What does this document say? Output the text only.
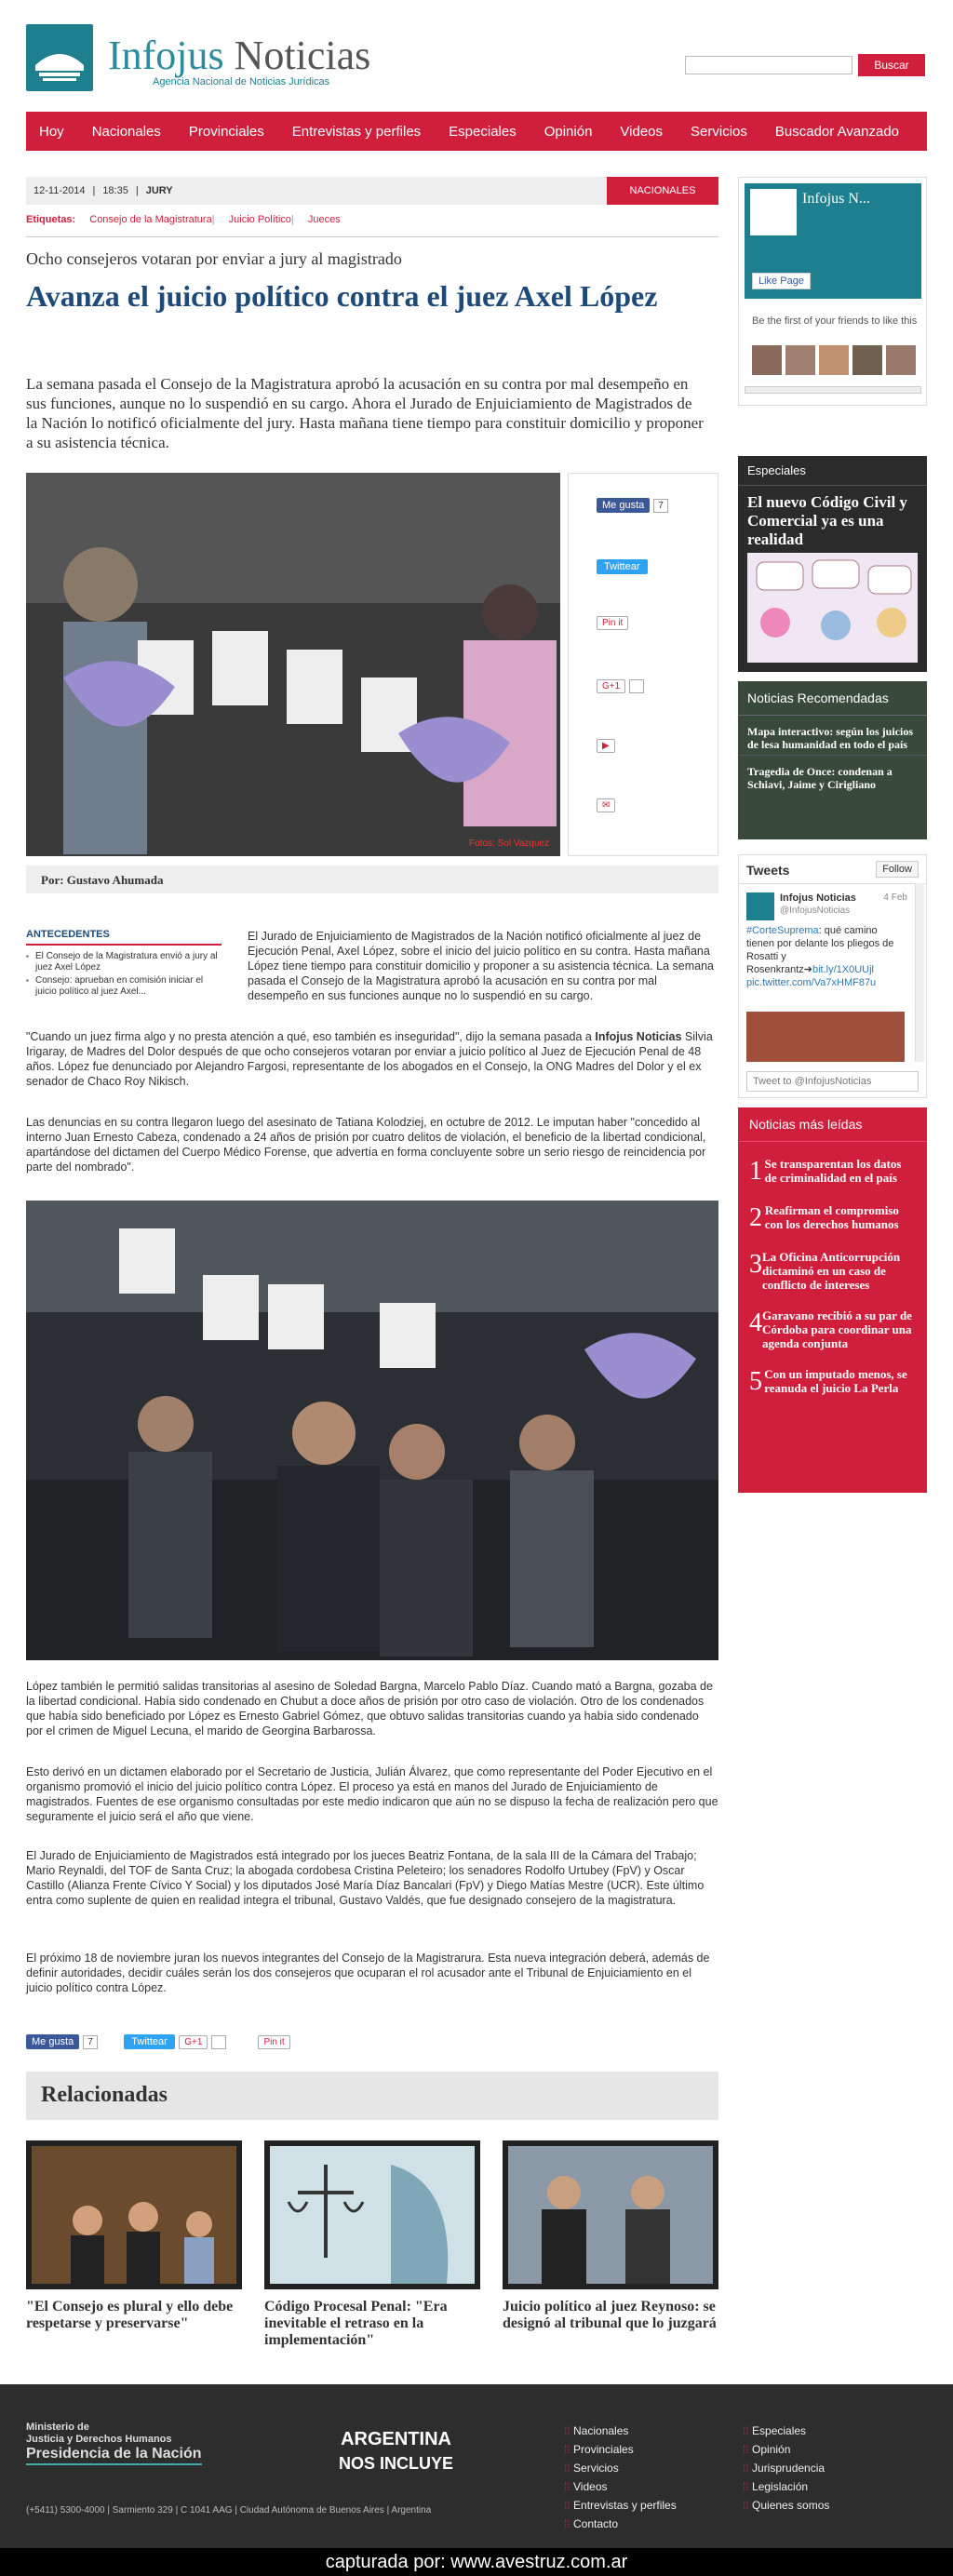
Infojus Noticias
Agencia Nacional de Noticias Jurídicas
Buscar
Hoy Nacionales Provinciales Entrevistas y perfiles Especiales Opinión Videos Servicios Buscador Avanzado
12-11-2014 | 18:35 | JURY	NACIONALES
Etiquetas: Consejo de la Magistratura| Juicio Político| Jueces
Ocho consejeros votaran por enviar a jury al magistrado
Avanza el juicio político contra el juez Axel López

La semana pasada el Consejo de la Magistratura aprobó la acusación en su contra por mal desempeño en sus funciones, aunque no lo suspendió en su cargo. Ahora el Jurado de Enjuiciamiento de Magistrados de la Nación lo notificó oficialmente del jury. Hasta mañana tiene tiempo para constituir domicilio y proponer a su asistencia técnica.

Fotos: Sol Vazquez
Me gusta 7
Twittear
Pin it
G+1
▶
✉
Por: Gustavo Ahumada
ANTECEDENTES
▪ El Consejo de la Magistratura envió a jury al juez Axel López
▪ Consejo: aprueban en comisión iniciar el juicio político al juez Axel...

El Jurado de Enjuiciamiento de Magistrados de la Nación notificó oficialmente al juez de Ejecución Penal, Axel López, sobre el inicio del juicio político en su contra. Hasta mañana López tiene tiempo para constituir domicilio y proponer a su asistencia técnica. La semana pasada el Consejo de la Magistratura aprobó la acusación en su contra por mal desempeño en sus funciones aunque no lo suspendió en su cargo.

"Cuando un juez firma algo y no presta atención a qué, eso también es inseguridad", dijo la semana pasada a Infojus Noticias Silvia Irigaray, de Madres del Dolor después de que ocho consejeros votaran por enviar a juicio político al Juez de Ejecución Penal de 48 años. López fue denunciado por Alejandro Fargosi, representante de los abogados en el Consejo, la ONG Madres del Dolor y el ex senador de Chaco Roy Nikisch.

Las denuncias en su contra llegaron luego del asesinato de Tatiana Kolodziej, en octubre de 2012. Le imputan haber "concedido al interno Juan Ernesto Cabeza, condenado a 24 años de prisión por cuatro delitos de violación, el beneficio de la libertad condicional, apartándose del dictamen del Cuerpo Médico Forense, que advertía en forma concluyente sobre un serio riesgo de reincidencia por parte del nombrado".

López también le permitió salidas transitorias al asesino de Soledad Bargna, Marcelo Pablo Díaz. Cuando mató a Bargna, gozaba de la libertad condicional. Había sido condenado en Chubut a doce años de prisión por otro caso de violación. Otro de los condenados que había sido beneficiado por López es Ernesto Gabriel Gómez, que obtuvo salidas transitorias cuando ya había sido condenado por el crimen de Miguel Lecuna, el marido de Georgina Barbarossa.

Esto derivó en un dictamen elaborado por el Secretario de Justicia, Julián Álvarez, que como representante del Poder Ejecutivo en el organismo promovió el inicio del juicio político contra López. El proceso ya está en manos del Jurado de Enjuiciamiento de magistrados. Fuentes de ese organismo consultadas por este medio indicaron que aún no se dispuso la fecha de realización pero que seguramente el juicio será el año que viene.

El Jurado de Enjuiciamiento de Magistrados está integrado por los jueces Beatriz Fontana, de la sala III de la Cámara del Trabajo; Mario Reynaldi, del TOF de Santa Cruz; la abogada cordobesa Cristina Peleteiro; los senadores Rodolfo Urtubey (FpV) y Oscar Castillo (Alianza Frente Cívico Y Social) y los diputados José María Díaz Bancalari (FpV) y Diego Matías Mestre (UCR). Este último entra como suplente de quien en realidad integra el tribunal, Gustavo Valdés, que fue designado consejero de la magistratura.

El próximo 18 de noviembre juran los nuevos integrantes del Consejo de la Magistrarura. Esta nueva integración deberá, además de definir autoridades, decidir cuáles serán los dos consejeros que ocuparan el rol acusador ante el Tribunal de Enjuiciamiento en el juicio político contra López.

Me gusta 7	Twittear G+1	Pin it
Relacionadas
"El Consejo es plural y ello debe respetarse y preservarse"
Código Procesal Penal: "Era inevitable el retraso en la implementación"
Juicio político al juez Reynoso: se designó al tribunal que lo juzgará
Infojus N...
Like Page
Be the first of your friends to like this
Especiales
El nuevo Código Civil y Comercial ya es una realidad
Noticias Recomendadas
Mapa interactivo: según los juicios de lesa humanidad en todo el país
Tragedia de Once: condenan a Schiavi, Jaime y Cirigliano
Tweets	Follow
Infojus Noticias	4 Feb
@InfojusNoticias
#CorteSuprema: qué camino tienen por delante los pliegos de Rosatti y Rosenkrantz➔bit.ly/1X0UUjl pic.twitter.com/Va7xHMF87u
Tweet to @InfojusNoticias
Noticias más leídas
1 Se transparentan los datos de criminalidad en el país
2 Reafirman el compromiso con los derechos humanos
3 La Oficina Anticorrupción dictaminó en un caso de conflicto de intereses
4 Garavano recibió a su par de Córdoba para coordinar una agenda conjunta
5 Con un imputado menos, se reanuda el juicio La Perla
Ministerio de
Justicia y Derechos Humanos
Presidencia de la Nación
ARGENTINA
NOS INCLUYE
(+5411) 5300-4000 | Sarmiento 329 | C 1041 AAG | Ciudad Autónoma de Buenos Aires | Argentina
⁞⁞ Nacionales
⁞⁞ Provinciales
⁞⁞ Servicios
⁞⁞ Videos
⁞⁞ Entrevistas y perfiles
⁞⁞ Contacto
⁞⁞ Especiales
⁞⁞ Opinión
⁞⁞ Jurisprudencia
⁞⁞ Legislación
⁞⁞ Quienes somos
capturada por: www.avestruz.com.ar
